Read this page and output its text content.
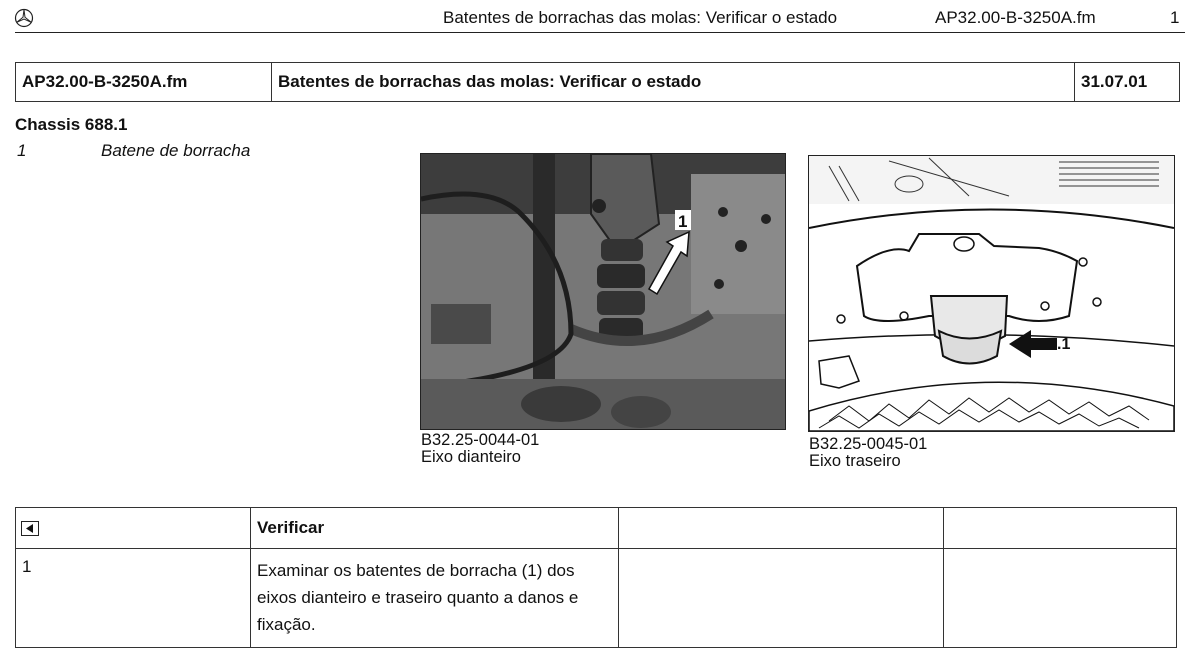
Batentes de borrachas das molas: Verificar o estado	AP32.00-B-3250A.fm	1
AP32.00-B-3250A.fm	Batentes de borrachas das molas: Verificar o estado	31.07.01
Chassis 688.1
1	Batene de borracha
1
.1
B32.25-0044-01
Eixo dianteiro
B32.25-0045-01
Eixo traseiro
	Verificar		
1	Examinar os batentes de borracha (1) dos
eixos dianteiro e traseiro quanto a danos e
fixação.		
